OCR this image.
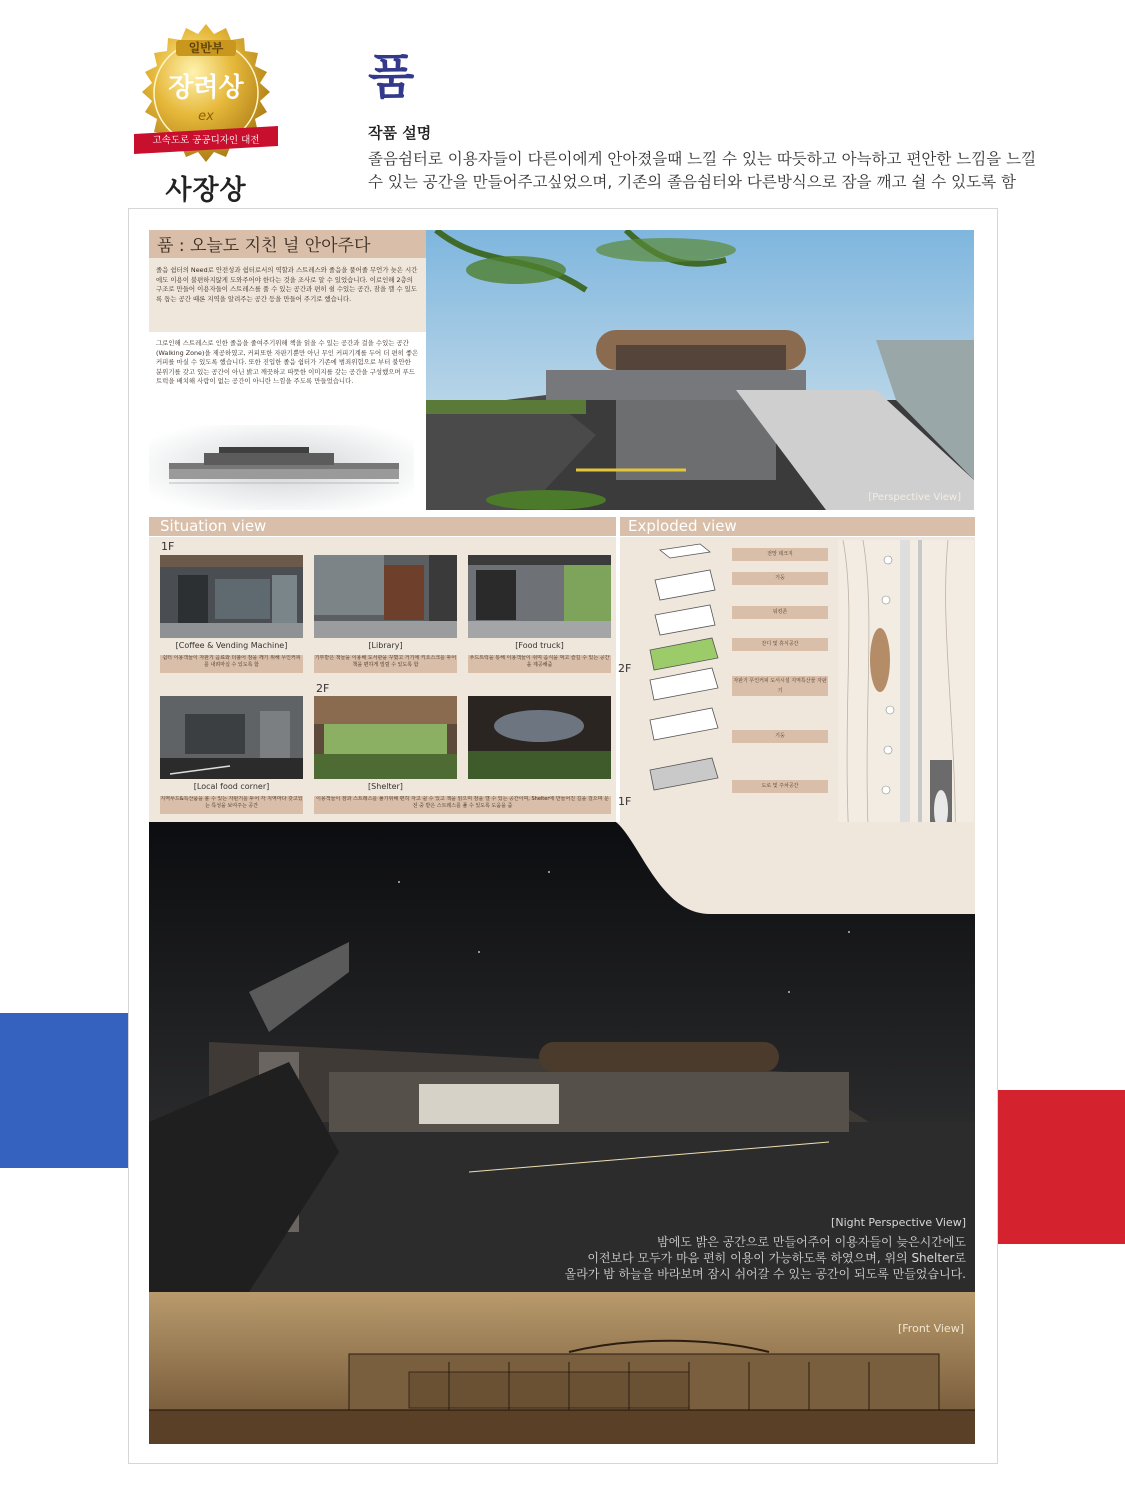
일반부
장려상
ex
고속도로 공공디자인 대전
사장상
품
작품 설명
졸음쉼터로 이용자들이 다른이에게 안아졌을때 느낄 수 있는 따듯하고 아늑하고 편안한 느낌을 느낄
수 있는 공간을 만들어주고싶었으며, 기존의 졸음쉼터와 다른방식으로 잠을 깨고 쉴 수 있도록 함
품 : 오늘도 지친 널 안아주다
졸음 쉼터의 Need로 안전성과 쉼터로서의 역할과 스트레스와 졸음을 풀어줄 무언가 늦은 시간에도 이용이 불편하지않게 도와주어야 한다는 것을 조사로 알 수 있었습니다. 이로인해 2층의 구조로 만들어 이용자들이 스트레스를 풀 수 있는 공간과 편히 쉴 수있는 공간, 잠을 깰 수 있도록 돕는 공간 때론 지역을 알려주는 공간 등을 만들어 주기로 했습니다.
그로인해 스트레스로 인한 졸음을 줄여주기위해 책을 읽을 수 있는 공간과 걸을 수있는 공간(Walking Zone)을 제공하였고, 커피또한 자판기뿐만 아닌 무인 커피기계를 두어 더 편히 좋은 커피를 마실 수 있도록 했습니다. 또한 진입한 졸음 쉼터가 기존에 범죄위험으로 부터 불안한 분위기를 갖고 있는 공간이 아닌 밝고 깨끗하고 따뜻한 이미지를 갖는 공간을 구성했으며 푸드트럭을 배치해 사람이 없는 공간이 아니란 느낌을 주도록 만들었습니다.
[Perspective View]
Situation view	Exploded view
1F
2F
[Coffee & Vending Machine]	[Library]	[Food truck]
쉼터 이용객들이 자판기 음료와 더불어 잠을 깨기 위해 무인커피를 내려마실 수 있도록 함
기부받은 책들을 이용해 도서관을 꾸몄고 거기에 키오스크를 두어 책을 편하게 빌릴 수 있도록 함
푸드트럭을 통해 이용객들이 쉬며 음식을 먹고 즐길 수 있는 공간을 제공해줌
[Local food corner]	[Shelter]
지역푸드&특산품을 볼 수 있는 자판기를 두어 각 지역마다 갖고있는 특성을 보여주는 공간
이용객들이 잠과 스트레스를 풀기위해 편히 자고 쉴 수 있고 책을 읽으며 잠을 깰 수 있는 공간이며, Shelter에 만들어진 길을 걸으며 운전 중 받은 스트레스를 풀 수 있도록 도움을 줌
2F
1F
전망 데크지
기둥
워킹존
잔디 및 휴식공간
자판기 무인커피 도서시설 지역특산물 자판기
기둥
도로 및 주차공간
[Night Perspective View]
밤에도 밝은 공간으로 만들어주어 이용자들이 늦은시간에도
이전보다 모두가 마음 편히 이용이 가능하도록 하였으며, 위의 Shelter로
올라가 밤 하늘을 바라보며 잠시 쉬어갈 수 있는 공간이 되도록 만들었습니다.
[Front View]
